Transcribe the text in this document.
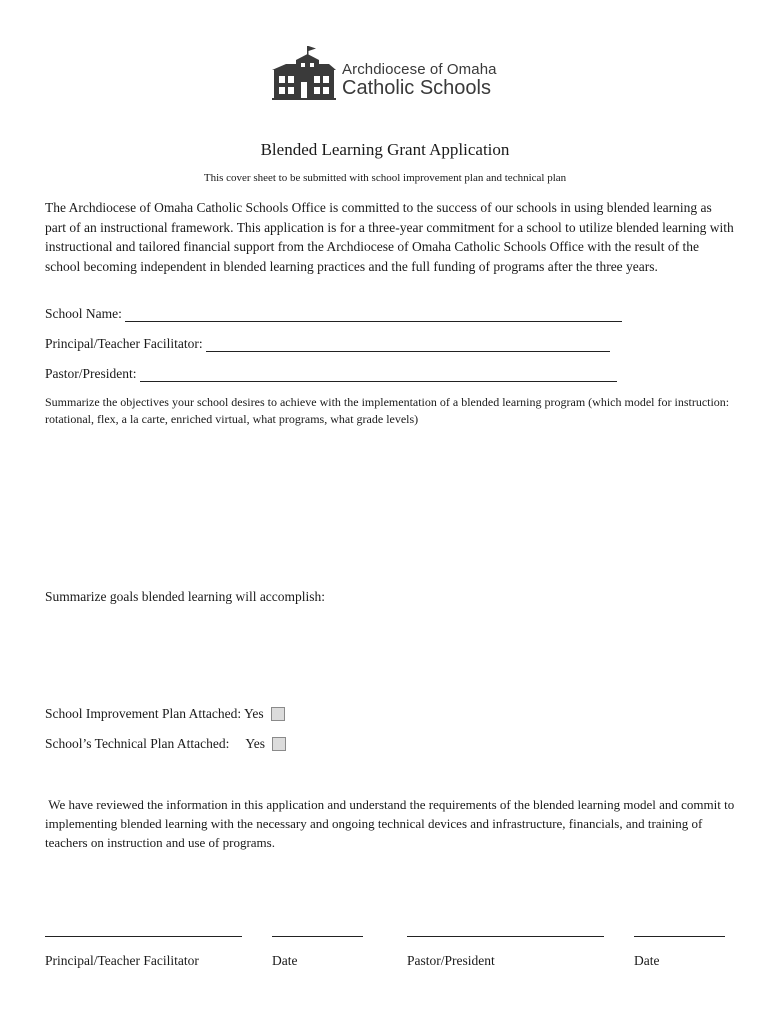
Archdiocese of Omaha
Catholic Schools
Blended Learning Grant Application
This cover sheet to be submitted with school improvement plan and technical plan
The Archdiocese of Omaha Catholic Schools Office is committed to the success of our schools in using blended learning as part of an instructional framework. This application is for a three-year commitment for a school to utilize blended learning with instructional and tailored financial support from the Archdiocese of Omaha Catholic Schools Office with the result of the school becoming independent in blended learning practices and the full funding of programs after the three years.
School Name:
Principal/Teacher Facilitator:
Pastor/President:
Summarize the objectives your school desires to achieve with the implementation of a blended learning program (which model for instruction: rotational, flex, a la carte, enriched virtual, what programs, what grade levels)
Summarize goals blended learning will accomplish:
School Improvement Plan Attached: Yes
School’s Technical Plan Attached: Yes
We have reviewed the information in this application and understand the requirements of the blended learning model and commit to implementing blended learning with the necessary and ongoing technical devices and infrastructure, financials, and training of teachers on instruction and use of programs.
Principal/Teacher Facilitator	Date	Pastor/President	Date
